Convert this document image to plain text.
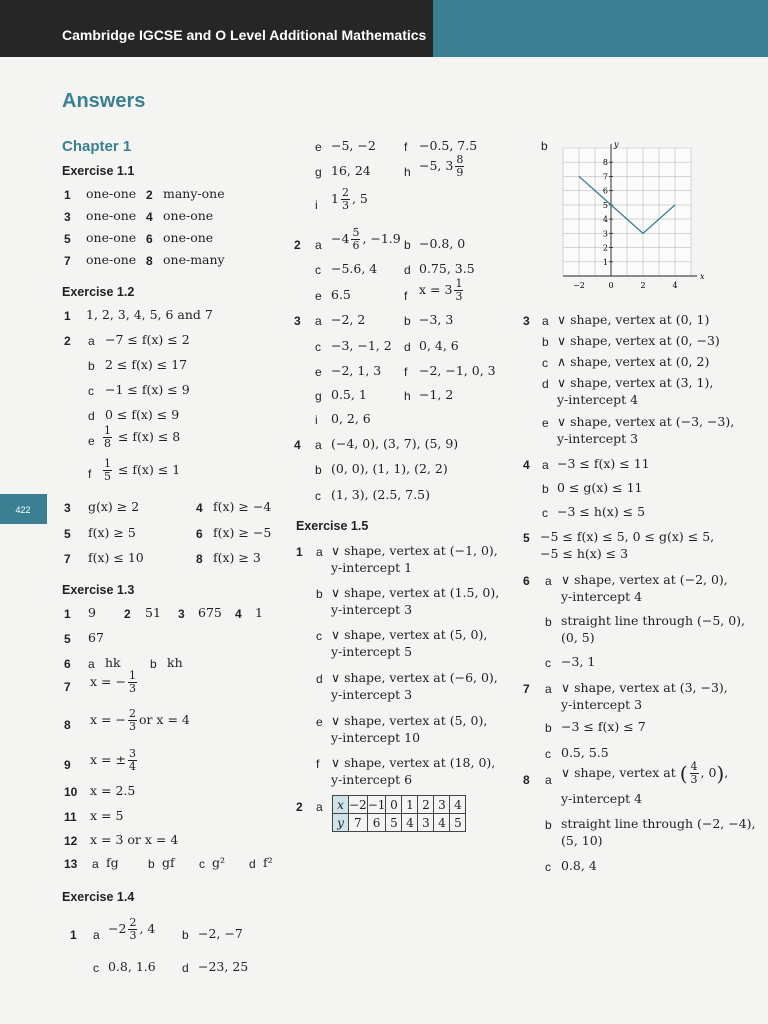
Cambridge IGCSE and O Level Additional Mathematics
422
Answers
Chapter 1
Exercise 1.1
1 one-one 2 many-one
3 one-one 4 one-one
5 one-one 6 one-one
7 one-one 8 one-many
Exercise 1.2
1 1, 2, 3, 4, 5, 6 and 7
2 a −7 ≤ f(x) ≤ 2
b 2 ≤ f(x) ≤ 17
c −1 ≤ f(x) ≤ 9
d 0 ≤ f(x) ≤ 9
e $\frac{1}{8} \le f(x) \le 8$
f $\frac{1}{5} \le f(x) \le 1$
3 g(x) ≥ 2	4 f(x) ≥ −4
5 f(x) ≥ 5	6 f(x) ≥ −5
7 f(x) ≤ 10	8 f(x) ≥ 3
Exercise 1.3
1 9 2 51 3 675 4 1
5 67
6 a hk b kh
7 x = − $\frac{1}{3}$
8 x = − $\frac{2}{3}$ or x = 4
9 x = ± $\frac{3}{4}$
10 x = 2.5
11 x = 5
12 x = 3 or x = 4
13 a fg b gf c g² d f²
Exercise 1.4
1 $a -2 \frac{2}{3}$ , 4 b −2, −7
c 0.8, 1.6 d −23, 25
e −5, −2 f −0.5, 7.5
g 16, 24	h −5, $3 \frac{8}{9}$
i $1 \frac{2}{3}$ , 5
2 $a -4 \frac{5}{6}$ , −1.9 b −0.8, 0
c −5.6, 4 d 0.75, 3.5
e 6.5	f $x = 3 \frac{1}{3}$
3 a −2, 2	b −3, 3
c −3, −1, 2 d 0, 4, 6
e −2, 1, 3 f −2, −1, 0, 3
g 0.5, 1	h −1, 2
i 0, 2, 6
4 a (−4, 0), (3, 7), (5, 9)
b (0, 0), (1, 1), (2, 2)
c (1, 3), (2.5, 7.5)
Exercise 1.5
1 a ∨ shape, vertex at (−1, 0),
y-intercept 1
b ∨ shape, vertex at (1.5, 0),
y-intercept 3
c ∨ shape, vertex at (5, 0),
y-intercept 5
d ∨ shape, vertex at (−6, 0),
y-intercept 3
e ∨ shape, vertex at (5, 0),
y-intercept 10
f ∨ shape, vertex at (18, 0),
y-intercept 6
2 a x	−2	−1	0	1	2	3	4
y	7	6	5	4	3	4	5
b
x
y
−2	0	2	4
1
2
3
4
5
6
7
8
3 a ∨ shape, vertex at (0, 1)
b ∨ shape, vertex at (0, −3)
c ∧ shape, vertex at (0, 2)
d ∨ shape, vertex at (3, 1),
y-intercept 4
e ∨ shape, vertex at (−3, −3),
y-intercept 3
4 a −3 ≤ f(x) ≤ 11
b 0 ≤ g(x) ≤ 11
c −3 ≤ h(x) ≤ 5
5 −5 ≤ f(x) ≤ 5, 0 ≤ g(x) ≤ 5,
−5 ≤ h(x) ≤ 3
6 a ∨ shape, vertex at (−2, 0),
y-intercept 4
b straight line through (−5, 0),
(0, 5)
c −3, 1
7 a ∨ shape, vertex at (3, −3),
y-intercept 3
b −3 ≤ f(x) ≤ 7
c 0.5, 5.5
8 a ∨ shape, vertex at ( $\frac{4}{3}$ , 0),
y-intercept 4
b straight line through (−2, −4),
(5, 10)
c 0.8, 4
